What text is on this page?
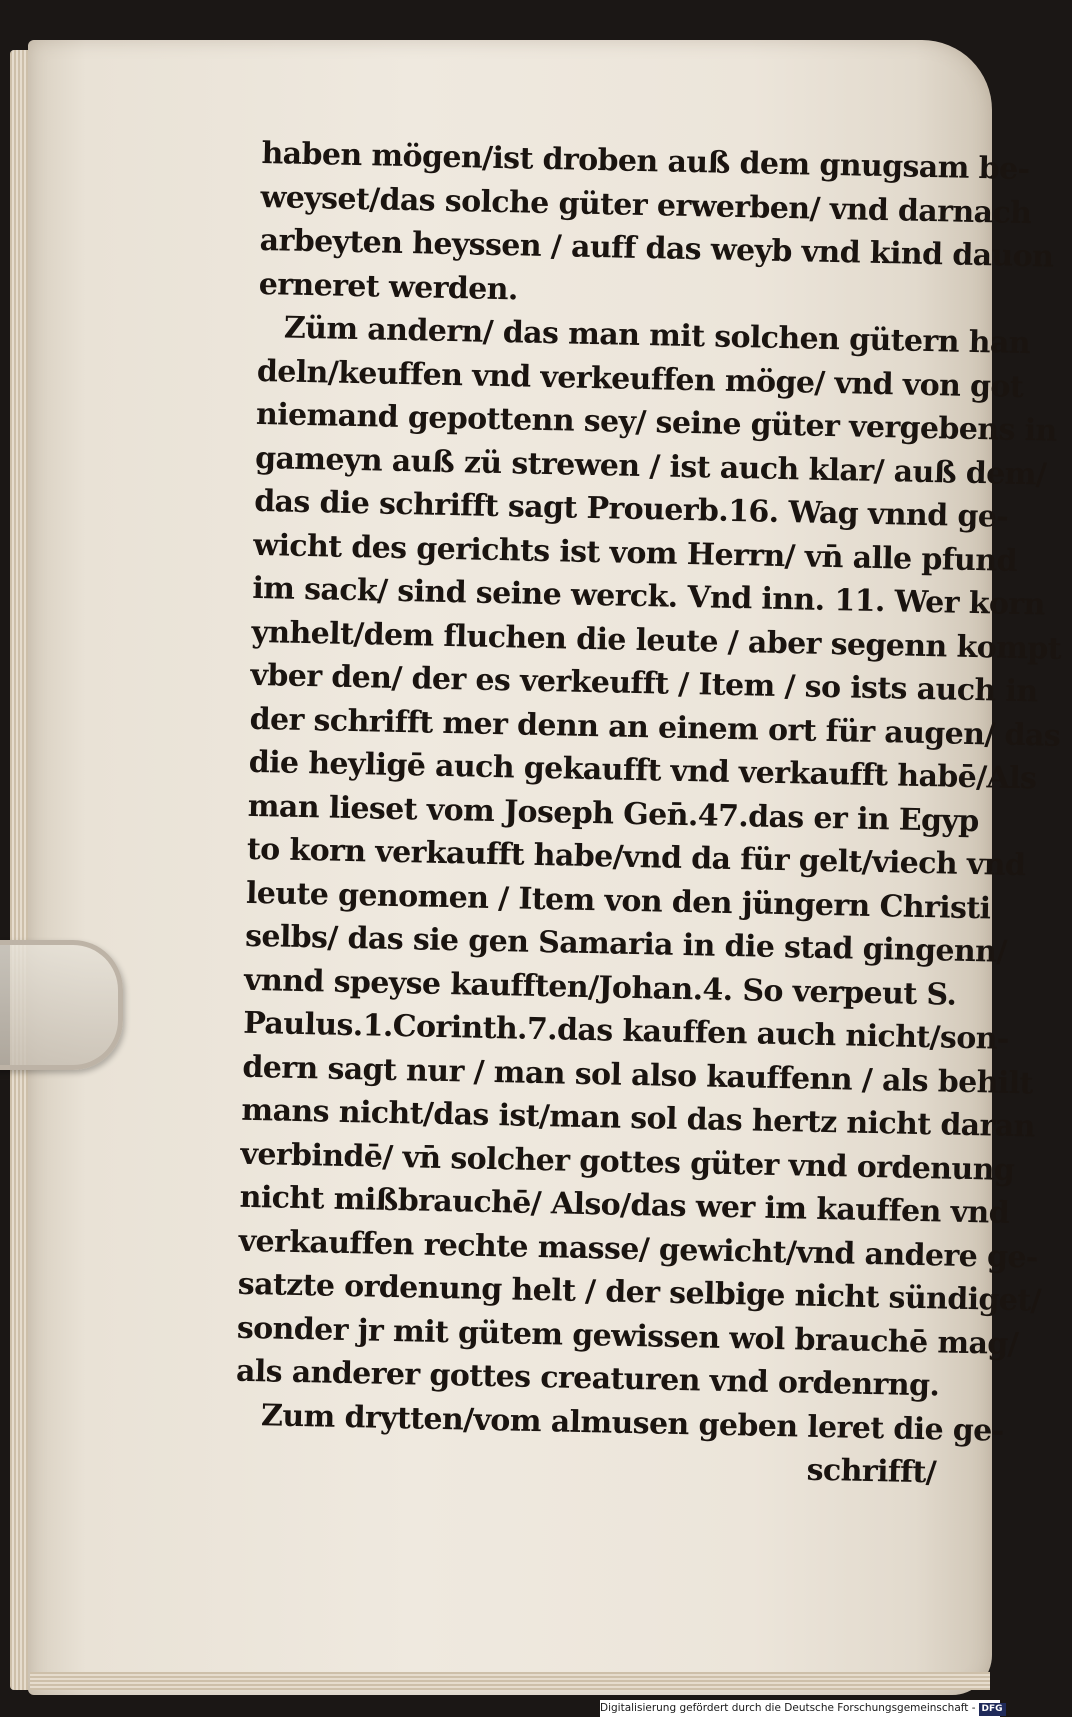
haben mögen/ist droben auß dem gnugsam be-
weyset/das solche güter erwerben/ vnd darnach
arbeyten heyssen / auff das weyb vnd kind dauon
erneret werden.
Züm andern/ das man mit solchen gütern han
deln/keuffen vnd verkeuffen möge/ vnd von got
niemand gepottenn sey/ seine güter vergebens in
gameyn auß zü strewen / ist auch klar/ auß dem/
das die schrifft sagt Prouerb.16. Wag vnnd ge-
wicht des gerichts ist vom Herrn/ vn̄ alle pfund
im sack/ sind seine werck. Vnd inn. 11. Wer korn
ynhelt/dem fluchen die leute / aber segenn kompt
vber den/ der es verkeufft / Item / so ists auch in
der schrifft mer denn an einem ort für augen/ das
die heyligē auch gekaufft vnd verkaufft habē/Als
man lieset vom Joseph Gen̄.47.das er in Egyp
to korn verkaufft habe/vnd da für gelt/viech vnd
leute genomen / Item von den jüngern Christi
selbs/ das sie gen Samaria in die stad gingenn/
vnnd speyse kaufften/Johan.4. So verpeut S.
Paulus.1.Corinth.7.das kauffen auch nicht/son-
dern sagt nur / man sol also kauffenn / als behilt
mans nicht/das ist/man sol das hertz nicht daran
verbindē/ vn̄ solcher gottes güter vnd ordenung
nicht mißbrauchē/ Also/das wer im kauffen vnd
verkauffen rechte masse/ gewicht/vnd andere ge-
satzte ordenung helt / der selbige nicht sündiget/
sonder jr mit gütem gewissen wol brauchē mag/
als anderer gottes creaturen vnd ordenrng.
Zum drytten/vom almusen geben leret die ge-
schrifft/
Digitalisierung gefördert durch die Deutsche Forschungsgemeinschaft - DFG
